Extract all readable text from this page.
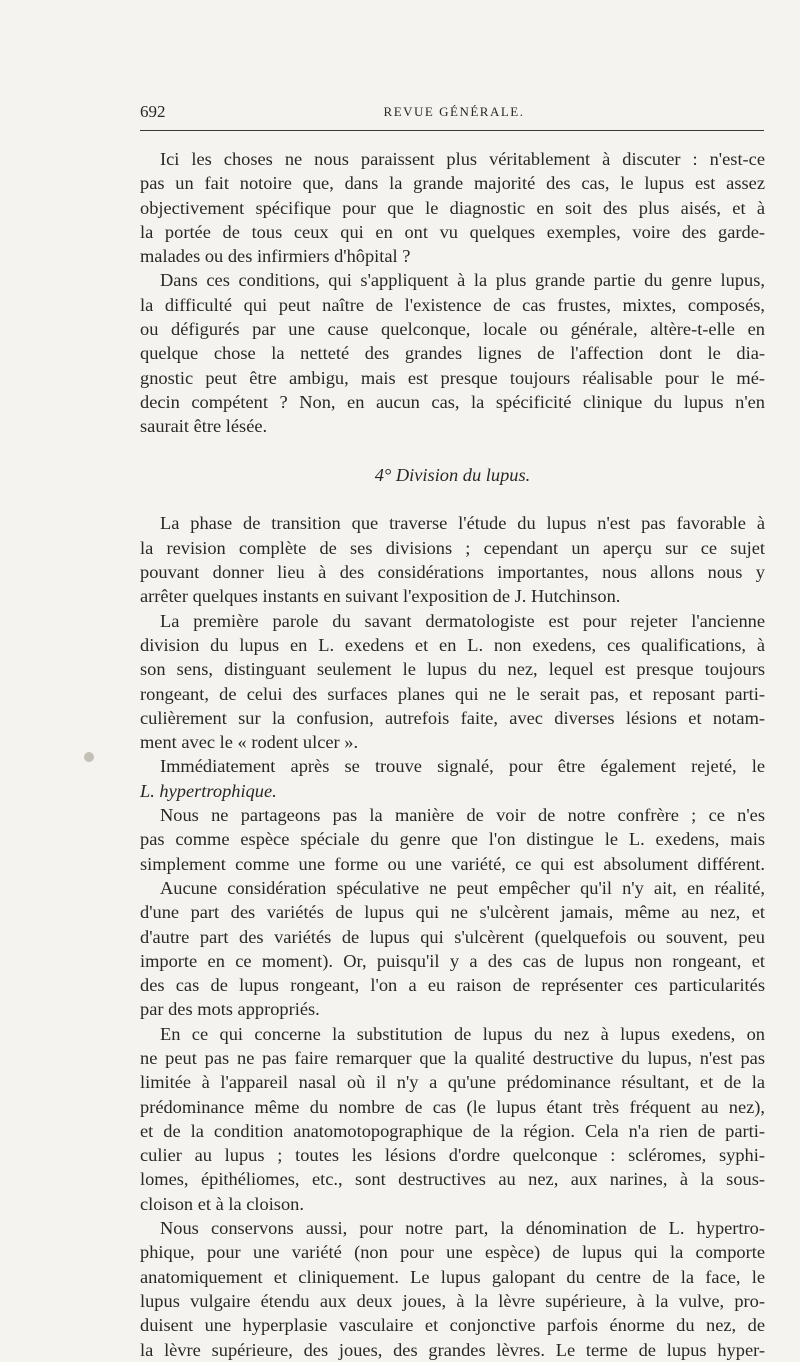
692	REVUE GÉNÉRALE.
Ici les choses ne nous paraissent plus véritablement à discuter : n'est-ce
pas un fait notoire que, dans la grande majorité des cas, le lupus est assez
objectivement spécifique pour que le diagnostic en soit des plus aisés, et à
la portée de tous ceux qui en ont vu quelques exemples, voire des garde-
malades ou des infirmiers d'hôpital ?
Dans ces conditions, qui s'appliquent à la plus grande partie du genre lupus,
la difficulté qui peut naître de l'existence de cas frustes, mixtes, composés,
ou défigurés par une cause quelconque, locale ou générale, altère-t-elle en
quelque chose la netteté des grandes lignes de l'affection dont le dia-
gnostic peut être ambigu, mais est presque toujours réalisable pour le mé-
decin compétent ? Non, en aucun cas, la spécificité clinique du lupus n'en
saurait être lésée.
4° Division du lupus.
La phase de transition que traverse l'étude du lupus n'est pas favorable à
la revision complète de ses divisions ; cependant un aperçu sur ce sujet
pouvant donner lieu à des considérations importantes, nous allons nous y
arrêter quelques instants en suivant l'exposition de J. Hutchinson.
La première parole du savant dermatologiste est pour rejeter l'ancienne
division du lupus en L. exedens et en L. non exedens, ces qualifications, à
son sens, distinguant seulement le lupus du nez, lequel est presque toujours
rongeant, de celui des surfaces planes qui ne le serait pas, et reposant parti-
culièrement sur la confusion, autrefois faite, avec diverses lésions et notam-
ment avec le « rodent ulcer ».
Immédiatement après se trouve signalé, pour être également rejeté, le
L. hypertrophique.
Nous ne partageons pas la manière de voir de notre confrère ; ce n'es
pas comme espèce spéciale du genre que l'on distingue le L. exedens, mais
simplement comme une forme ou une variété, ce qui est absolument différent.
Aucune considération spéculative ne peut empêcher qu'il n'y ait, en réalité,
d'une part des variétés de lupus qui ne s'ulcèrent jamais, même au nez, et
d'autre part des variétés de lupus qui s'ulcèrent (quelquefois ou souvent, peu
importe en ce moment). Or, puisqu'il y a des cas de lupus non rongeant, et
des cas de lupus rongeant, l'on a eu raison de représenter ces particularités
par des mots appropriés.
En ce qui concerne la substitution de lupus du nez à lupus exedens, on
ne peut pas ne pas faire remarquer que la qualité destructive du lupus, n'est pas
limitée à l'appareil nasal où il n'y a qu'une prédominance résultant, et de la
prédominance même du nombre de cas (le lupus étant très fréquent au nez),
et de la condition anatomotopographique de la région. Cela n'a rien de parti-
culier au lupus ; toutes les lésions d'ordre quelconque : scléromes, syphi-
lomes, épithéliomes, etc., sont destructives au nez, aux narines, à la sous-
cloison et à la cloison.
Nous conservons aussi, pour notre part, la dénomination de L. hypertro-
phique, pour une variété (non pour une espèce) de lupus qui la comporte
anatomiquement et cliniquement. Le lupus galopant du centre de la face, le
lupus vulgaire étendu aux deux joues, à la lèvre supérieure, à la vulve, pro-
duisent une hyperplasie vasculaire et conjonctive parfois énorme du nez, de
la lèvre supérieure, des joues, des grandes lèvres. Le terme de lupus hyper-
